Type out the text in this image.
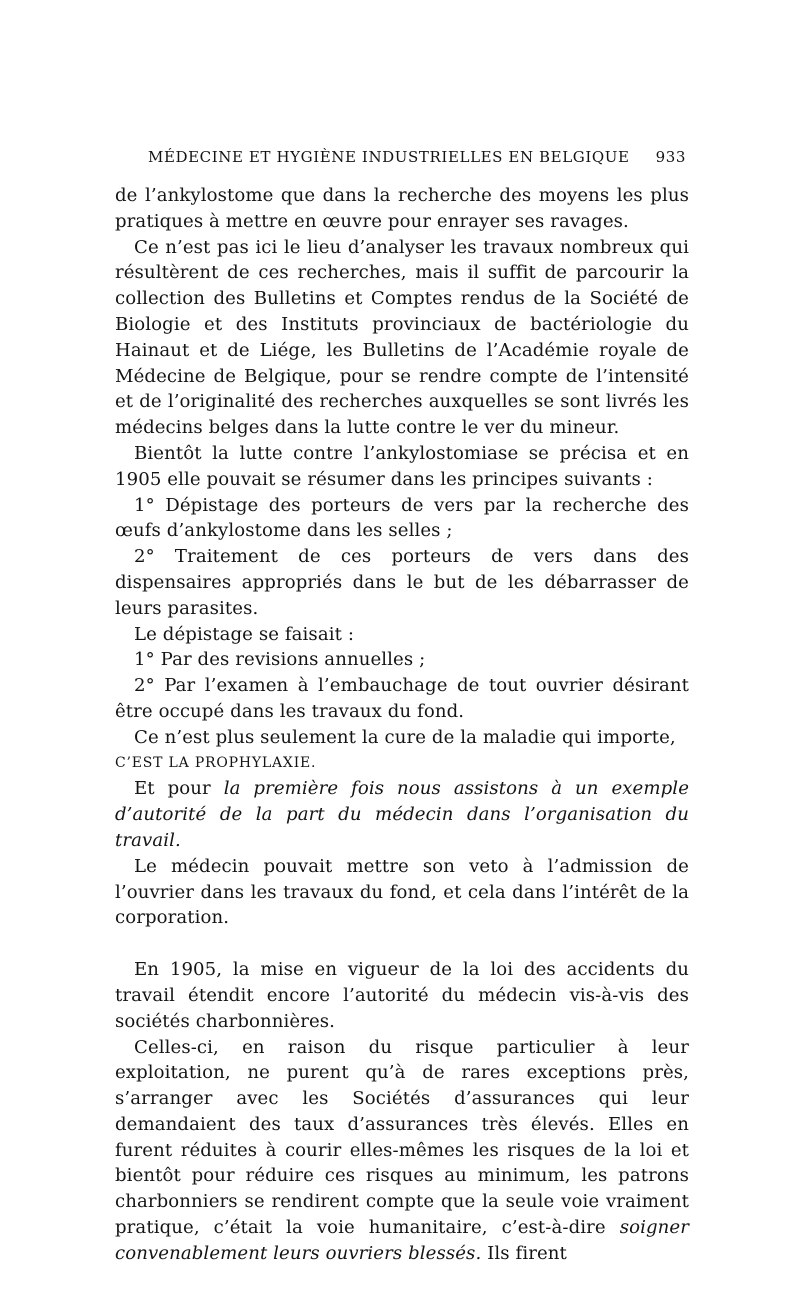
MÉDECINE ET HYGIÈNE INDUSTRIELLES EN BELGIQUE 933

de l’ankylostome que dans la recherche des moyens les plus pratiques à mettre en œuvre pour enrayer ses ravages.

Ce n’est pas ici le lieu d’analyser les travaux nombreux qui résultèrent de ces recherches, mais il suffit de parcourir la collection des Bulletins et Comptes rendus de la Société de Biologie et des Instituts provinciaux de bactériologie du Hainaut et de Liége, les Bulletins de l’Académie royale de Médecine de Belgique, pour se rendre compte de l’intensité et de l’originalité des recherches auxquelles se sont livrés les médecins belges dans la lutte contre le ver du mineur.

Bientôt la lutte contre l’ankylostomiase se précisa et en 1905 elle pouvait se résumer dans les principes suivants :

1° Dépistage des porteurs de vers par la recherche des œufs d’ankylostome dans les selles ;

2° Traitement de ces porteurs de vers dans des dispensaires appropriés dans le but de les débarrasser de leurs parasites.

Le dépistage se faisait :

1° Par des revisions annuelles ;

2° Par l’examen à l’embauchage de tout ouvrier désirant être occupé dans les travaux du fond.

Ce n’est plus seulement la cure de la maladie qui importe,

C’EST LA PROPHYLAXIE.

Et pour la première fois nous assistons à un exemple d’autorité de la part du médecin dans l’organisation du travail.

Le médecin pouvait mettre son veto à l’admission de l’ouvrier dans les travaux du fond, et cela dans l’intérêt de la corporation.

En 1905, la mise en vigueur de la loi des accidents du travail étendit encore l’autorité du médecin vis-à-vis des sociétés charbonnières.

Celles-ci, en raison du risque particulier à leur exploitation, ne purent qu’à de rares exceptions près, s’arranger avec les Sociétés d’assurances qui leur demandaient des taux d’assurances très élevés. Elles en furent réduites à courir elles-mêmes les risques de la loi et bientôt pour réduire ces risques au minimum, les patrons charbonniers se rendirent compte que la seule voie vraiment pratique, c’était la voie humanitaire, c’est-à-dire soigner convenablement leurs ouvriers blessés. Ils firent
